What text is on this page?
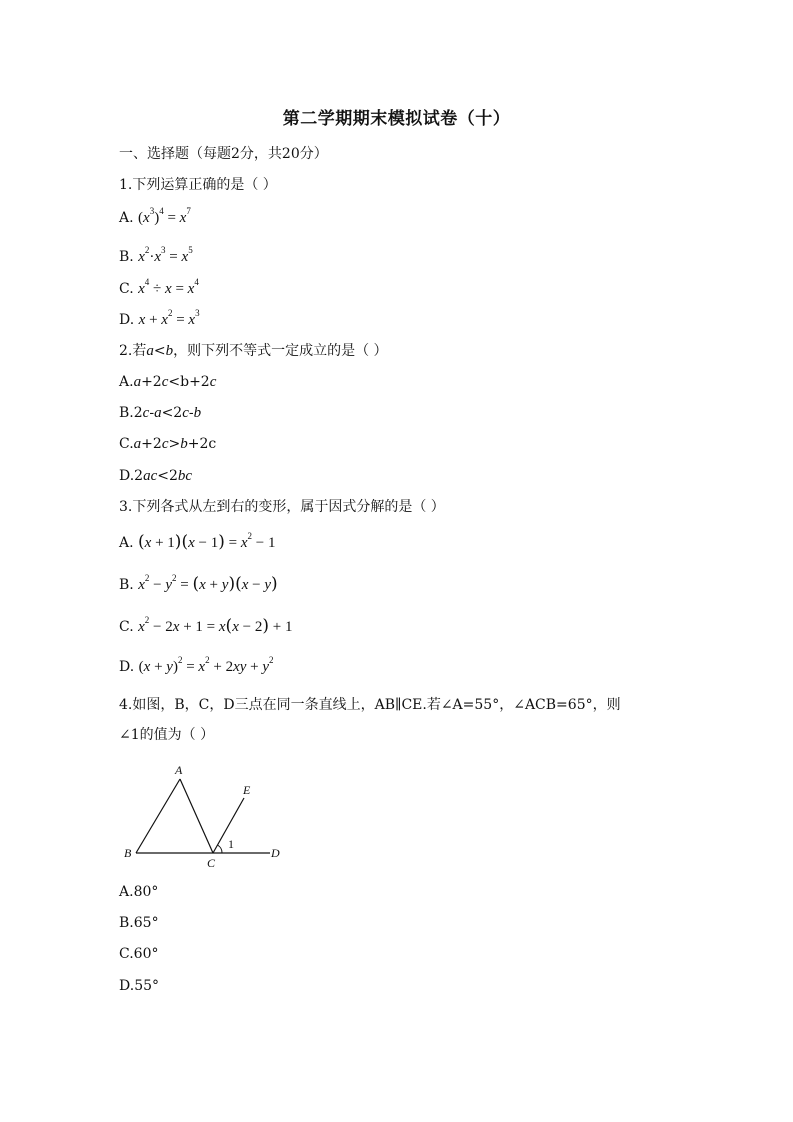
第二学期期末模拟试卷（十）
一、选择题（每题2分，共20分）
1.下列运算正确的是（ ）
A. $(x^3)^4 = x^7$
B. $x^2\cdot x^3 = x^5$
C. $x^4 \div x = x^4$
D. $x + x^2 = x^3$
2.若a<b，则下列不等式一定成立的是（ ）
A.a+2c<b+2c
B.2c-a<2c-b
C.a+2c>b+2c
D.2ac<2bc
3.下列各式从左到右的变形，属于因式分解的是（ ）
A. $(x + 1)(x - 1) = x^2 - 1$
B. $x^2 - y^2 = (x + y)(x - y)$
C. $x^2 - 2x + 1 = x(x - 2) + 1$
D. $(x + y)^2 = x^2 + 2xy + y^2$
4.如图，B，C，D三点在同一条直线上，AB∥CE.若∠A=55°，∠ACB=65°，则
∠1的值为（ ）
A
E
B
C
1
D
A.80°
B.65°
C.60°
D.55°
